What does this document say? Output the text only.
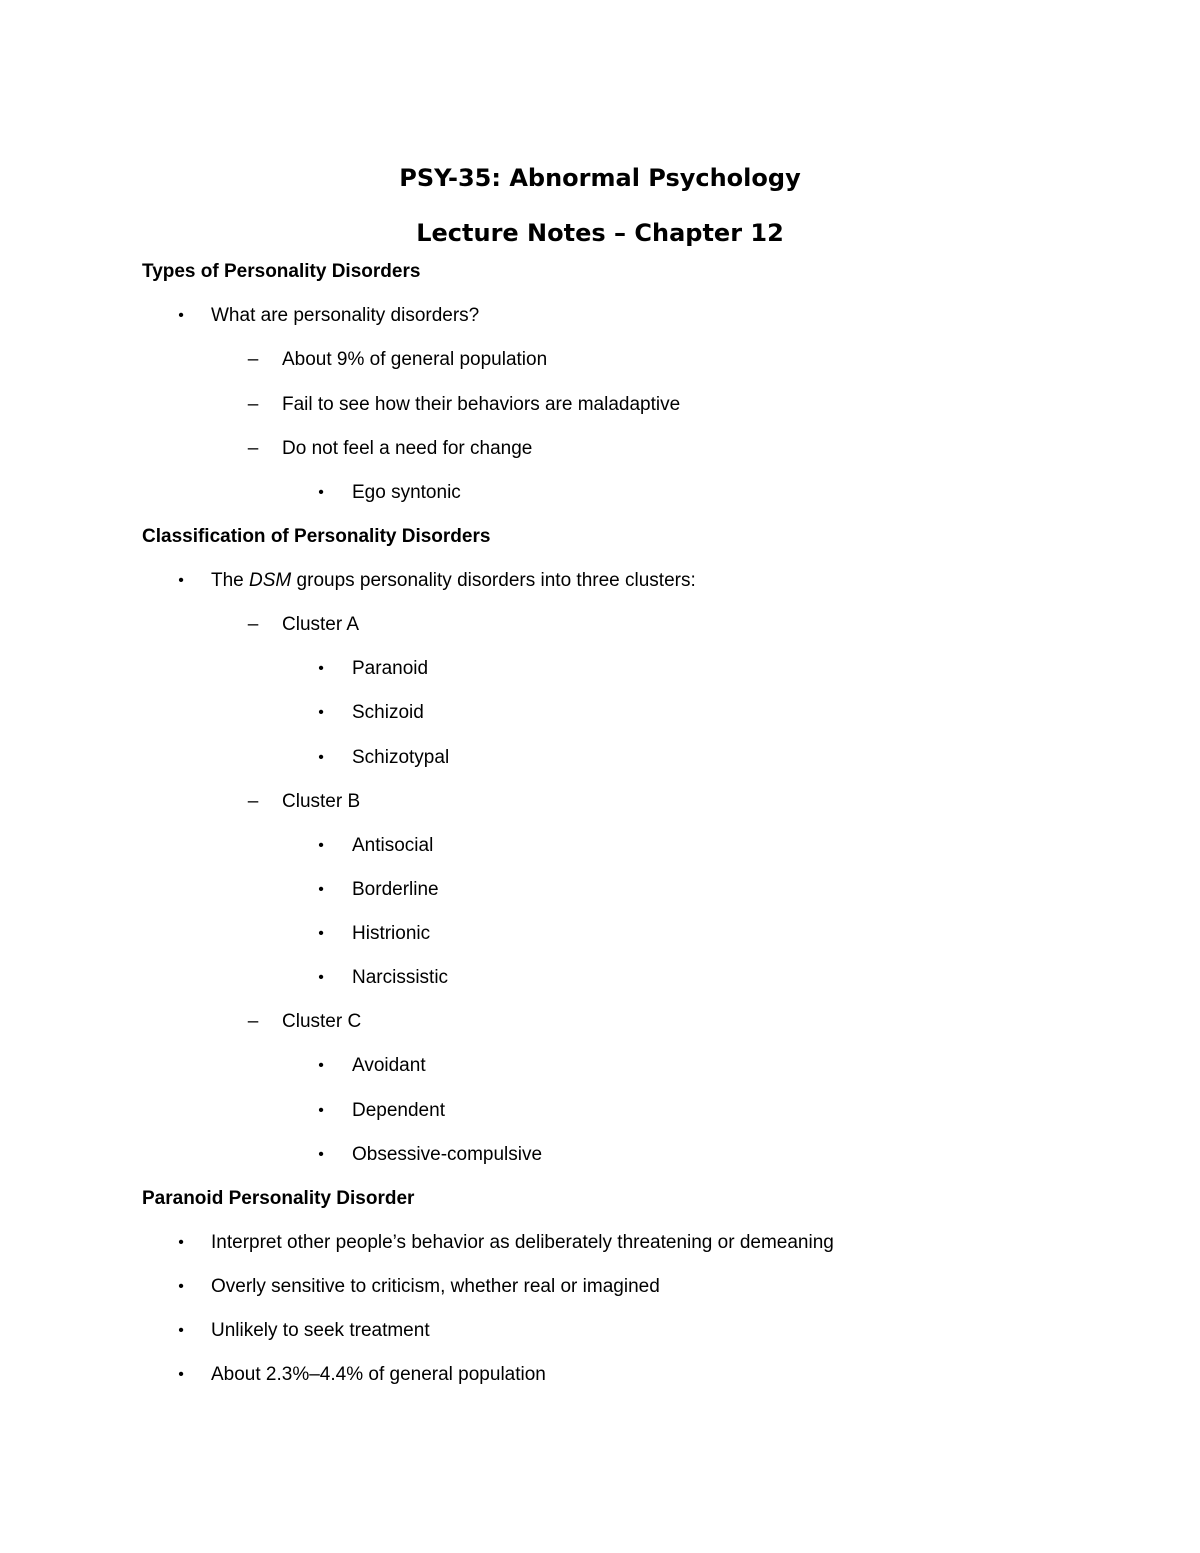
PSY-35: Abnormal Psychology
Lecture Notes – Chapter 12
Types of Personality Disorders
•	What are personality disorders?
– About 9% of general population
– Fail to see how their behaviors are maladaptive
– Do not feel a need for change
•	Ego syntonic
Classification of Personality Disorders
•	The DSM groups personality disorders into three clusters:
– Cluster A
•	Paranoid
•	Schizoid
•	Schizotypal
– Cluster B
•	Antisocial
•	Borderline
•	Histrionic
•	Narcissistic
– Cluster C
•	Avoidant
•	Dependent
•	Obsessive-compulsive
Paranoid Personality Disorder
•	Interpret other people’s behavior as deliberately threatening or demeaning
•	Overly sensitive to criticism, whether real or imagined
•	Unlikely to seek treatment
•	About 2.3%–4.4% of general population
